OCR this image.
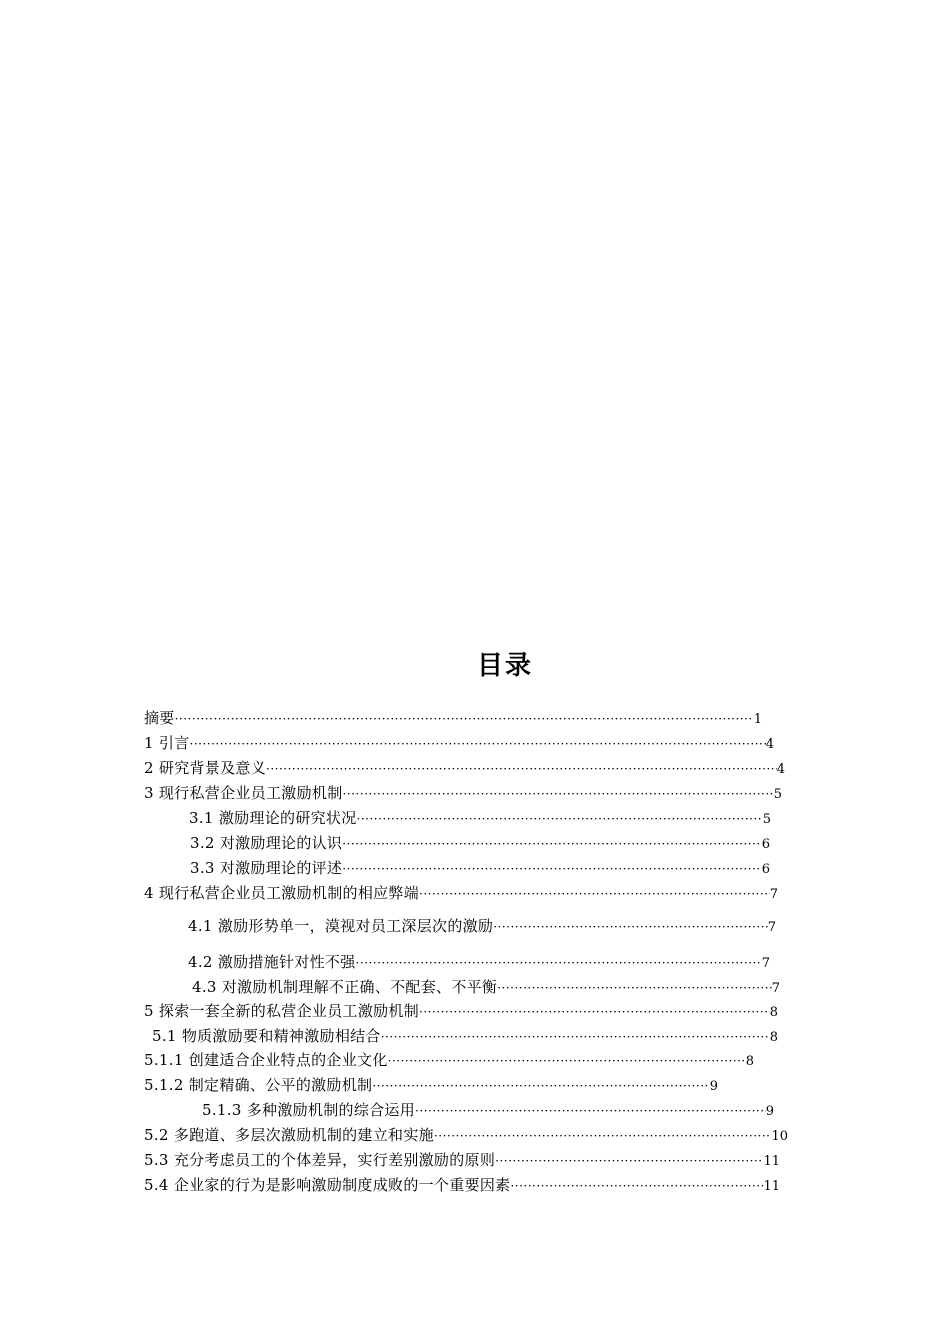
目录
摘要 ·····	1
1 引言 ·····	4
2 研究背景及意义 ·····	4
3 现行私营企业员工激励机制 ·····	5
3.1 激励理论的研究状况 ·····	5
3.2 对激励理论的认识 ·····	6
3.3 对激励理论的评述 ·····	6
4 现行私营企业员工激励机制的相应弊端 ·····	7
4.1 激励形势单一，漠视对员工深层次的激励 ·····	7
4.2 激励措施针对性不强 ·····	7
4.3 对激励机制理解不正确、不配套、不平衡 ·····	7
5 探索一套全新的私营企业员工激励机制 ·····	8
5.1 物质激励要和精神激励相结合 ·····	8
5.1.1 创建适合企业特点的企业文化 ·····	8
5.1.2 制定精确、公平的激励机制 ·····	9
5.1.3 多种激励机制的综合运用 ·····	9
5.2 多跑道、多层次激励机制的建立和实施 ·····	10
5.3 充分考虑员工的个体差异，实行差别激励的原则 ·····	11
5.4 企业家的行为是影响激励制度成败的一个重要因素 ·····	11
